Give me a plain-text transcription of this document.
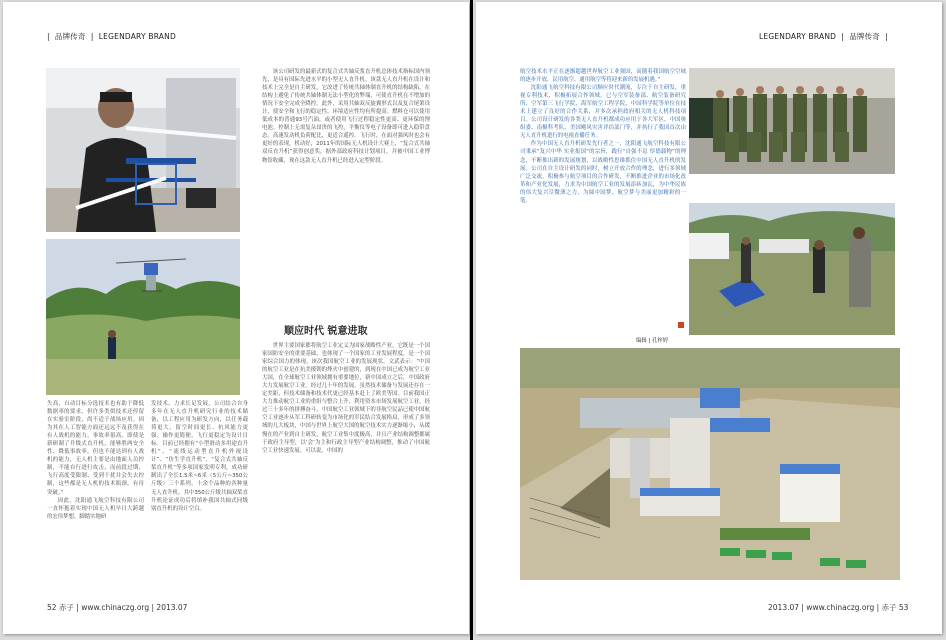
| 品牌传奇 | LEGENDARY BRAND

失高，自动目标分选技术也有助于降低数据率的要求，但许多类似技术还停留在实验室阶段，尚不适于战场应用。因为其在人工智能方面还远远不及获得在有人战机的能力，事故率很高，即使是新研制了升级式直升机，能够胜两安全性、降低事故率，但也不能达到有人战机的能力，无人机主要是由地面人员控制，不能自行进行攻击，而前段过期、飞行高度受限制、受到干扰并会失去控制，这些都是无人机的技术瓶颈，有待突破。”

因此，沈阳通飞航空科技有限公司一直怀抱着实现中国无人机早日大跨越的宏伟梦想，脚踏实地研

发技术、力求长足发展，公司结合自身多年在无人直升机研究行业的技术储备，以工程应用为研发方向，以任务载荷更大、留空时间更长、抗风能力更强、操作更简便、飞行更稳定为设计目标。目前已经拥有“小型滑动多用途直升机”、“流线运动型直升机外视设计”、“仿生学直升机”、“复合式共轴反桨直升机”等多项国家发明专利，成功研制出了全长1.5米~6米（5公斤~350公斤级）三个系列，十余个品种的各种量无人直升机，其中350公斤级共轴双桨直升机论证成功后将填补我国共轴式同级别直升机的设计空白。

该公司研发的最新式的复合式共轴反浆直升机总体技术指标国内领先，是具有国际先进水平的小型无人直升机。该款无人直升机在设计和技术上完全是自主研发，它改进了传统共轴体制直升机的结构缺陷，在结构上避免了传统共轴体制无法小型化的弊端，可使直升机在不增加的情况下安全完成全降控。此外，采用共轴双反旋翼形式以及复合尾架设计，使安全和飞行的稳定性、环境适应性均有所提高。燃料仓可以使用低成本的普通93号汽油，或者使用飞行过程稳定性更高、更环保的锂电池。控制上无需复杂昂贵的飞控，平衡仪等电子设备即可进入稳带盘态。高速发动机负荷配比，更适合遥控。飞行时，在面对强风时也会有更好的表现，机动好，2011年的国际无人机设计大赛上，“复合式共轴双反直升机”获得创意奖，据外部政府科技计划项目，并被中国工业博物馆收藏，现在这款无人直升机已经进入定型阶段。

顺应时代 锐意进取

世界主要国家都将航空工业定义为国家战略性产业，它既是一个国家国防安全的重要基础，也体现了一个国家的工业发展程度，是一个国家综合国力的体现。该次我国航空工业的发展现状。文武表示：“中国的航空工业是在抗美援朝的烽火中创建的，到现在中国已成为航空工业大国，在全球航空工业领域拥有重要地位，新中国成立之后，中国政府大力发展航空工业。经过几十年的发展，虽然技术储备与发展还存在一定差距，但技术储备和技术代更已经基本赶上了欧美等国。目前我国正大力推动航空工业的重组与整合上升，利用资本市场发展航空工业，经过三十多年的拼搏奋斗，中国航空工业领域下的非航空民品已使中国航空工业逐步从军工科研转变为市场化的军民结合发展格局，形成了多领域的几大板块，中国与世界上航空大国的航空技术实力逐渐缩小，从缓慢在的产业到自主研发，航空工业集中度极高，并且产业结构调整都属于政府主导型，以‘会’为主和行政主导型产业结构调整，推动了中国航空工业快速发展。可以说，中国的

52 赤子 | www.chinaczg.org | 2013.07
LEGENDARY BRAND | 品牌传奇 |

航空技术水平正在逐渐超越世界航空工业强国，而随着我国航空空域的逐步开放，民用航空、通用航空等将迎来新的发展机遇。”

沈阳通飞航空科技有限公司顺应时代潮流，专注于自主研发，重视专利技术，积极拓展合作领域，已与空军装备部、航空装备研究所、空军第三飞行学院、海军航空工程学院、中国科学院等单位在技术上建立了良好的合作关系，并多次承担政府相关的无人机科技项目。公司设计研发的各类无人直升机都成功应用于各大军区、中国奥组委、南极科考队、美国飓风灾害评估部门等，并执行了我国首次由无人直升机进行的电视直播任务。

作为中国无人直升机研发先行者之一，沈阳通飞航空科技有限公司秉承“复兴中华 实业报国”的宗旨，践行“自强不息 厚德载物”的理念，不断推出新的发展规划，以战略性思维抓住中国无人直升机的发展。公司在自主设计研发的同时，树立开放合作的理念，进行多领域广泛交流，积极参与航空项目的合作研发，不断推进企业的市场化改革和产业化发展，力求为中国航空工业的发展添砖加瓦，为中华民族的伟大复兴尽微薄之力，为圆中国梦、航空梦与美丽更加精彩的一笔。

编辑 | 孔梓婷
2013.07 | www.chinaczg.org | 赤子 53
